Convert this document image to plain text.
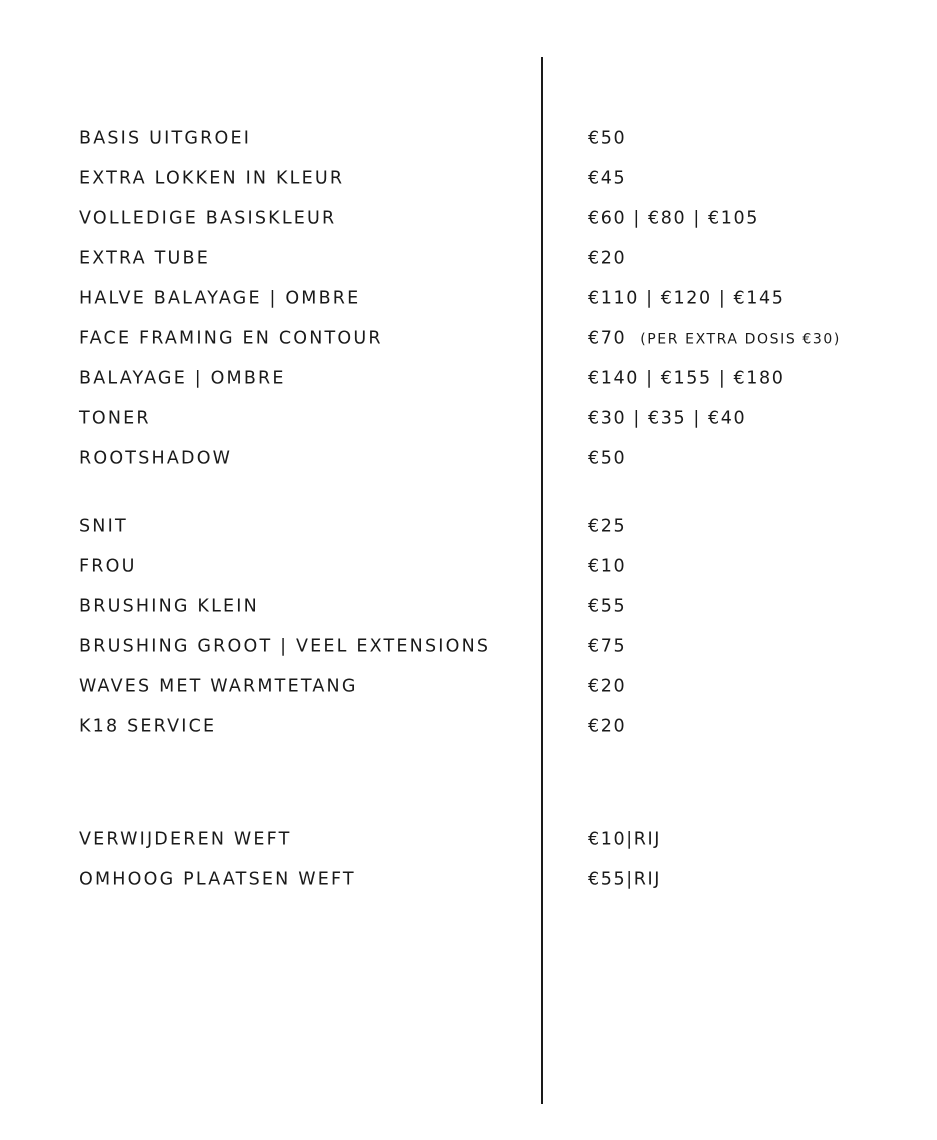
BASIS UITGROEI	€50
EXTRA LOKKEN IN KLEUR	€45
VOLLEDIGE BASISKLEUR	€60 | €80 | €105
EXTRA TUBE	€20
HALVE BALAYAGE | OMBRE	€110 | €120 | €145
FACE FRAMING EN CONTOUR	€70 (PER EXTRA DOSIS €30)
BALAYAGE | OMBRE	€140 | €155 | €180
TONER	€30 | €35 | €40
ROOTSHADOW	€50
SNIT	€25
FROU	€10
BRUSHING KLEIN	€55
BRUSHING GROOT | VEEL EXTENSIONS	€75
WAVES MET WARMTETANG	€20
K18 SERVICE	€20
VERWIJDEREN WEFT	€10|RIJ
OMHOOG PLAATSEN WEFT	€55|RIJ
